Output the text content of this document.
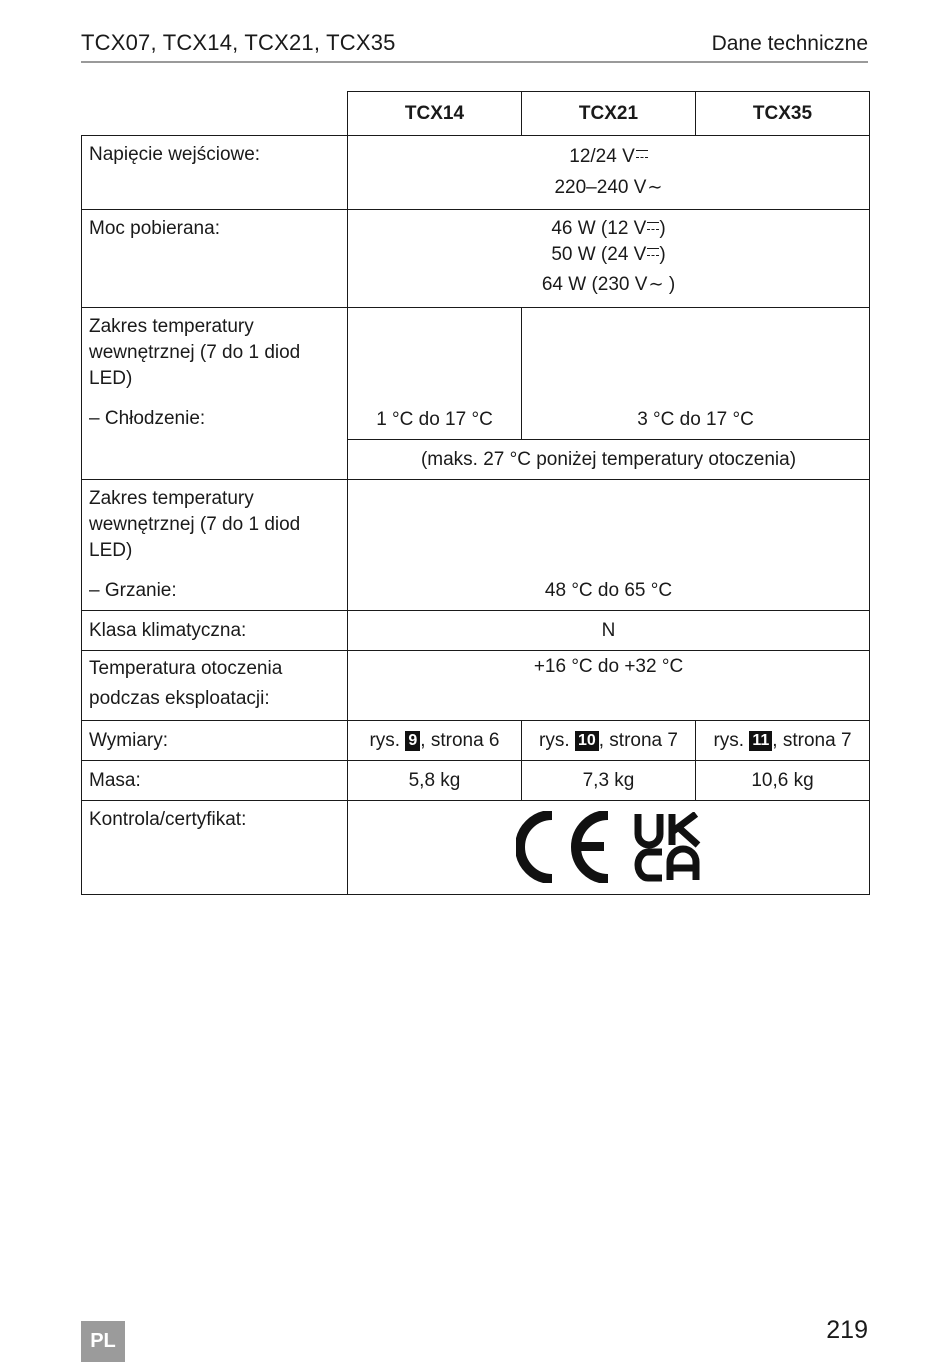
TCX07, TCX14, TCX21, TCX35	Dane techniczne
	TCX14	TCX21	TCX35
Napięcie wejściowe:	12/24 V
220–240 V∼		

Moc pobierana:	46 W (12 V )
50 W (24 V )
64 W (230 V∼ )		

Zakres temperatury wewnętrznej (7 do 1 diod LED)
– Chłodzenie:	1 °C do 17 °C	3 °C do 17 °C	
	(maks. 27 °C poniżej temperatury otoczenia)		

Zakres temperatury wewnętrznej (7 do 1 diod LED)
– Grzanie:	48 °C do 65 °C		
Klasa klimatyczna:	N		
Temperatura otoczenia podczas eksploatacji:	+16 °C do +32 °C		
Wymiary:	rys. 9 , strona 6	rys. 10 , strona 7	rys. 11 , strona 7
Masa:	5,8 kg	7,3 kg	10,6 kg
Kontrola/certyfikat:	
PL	219
